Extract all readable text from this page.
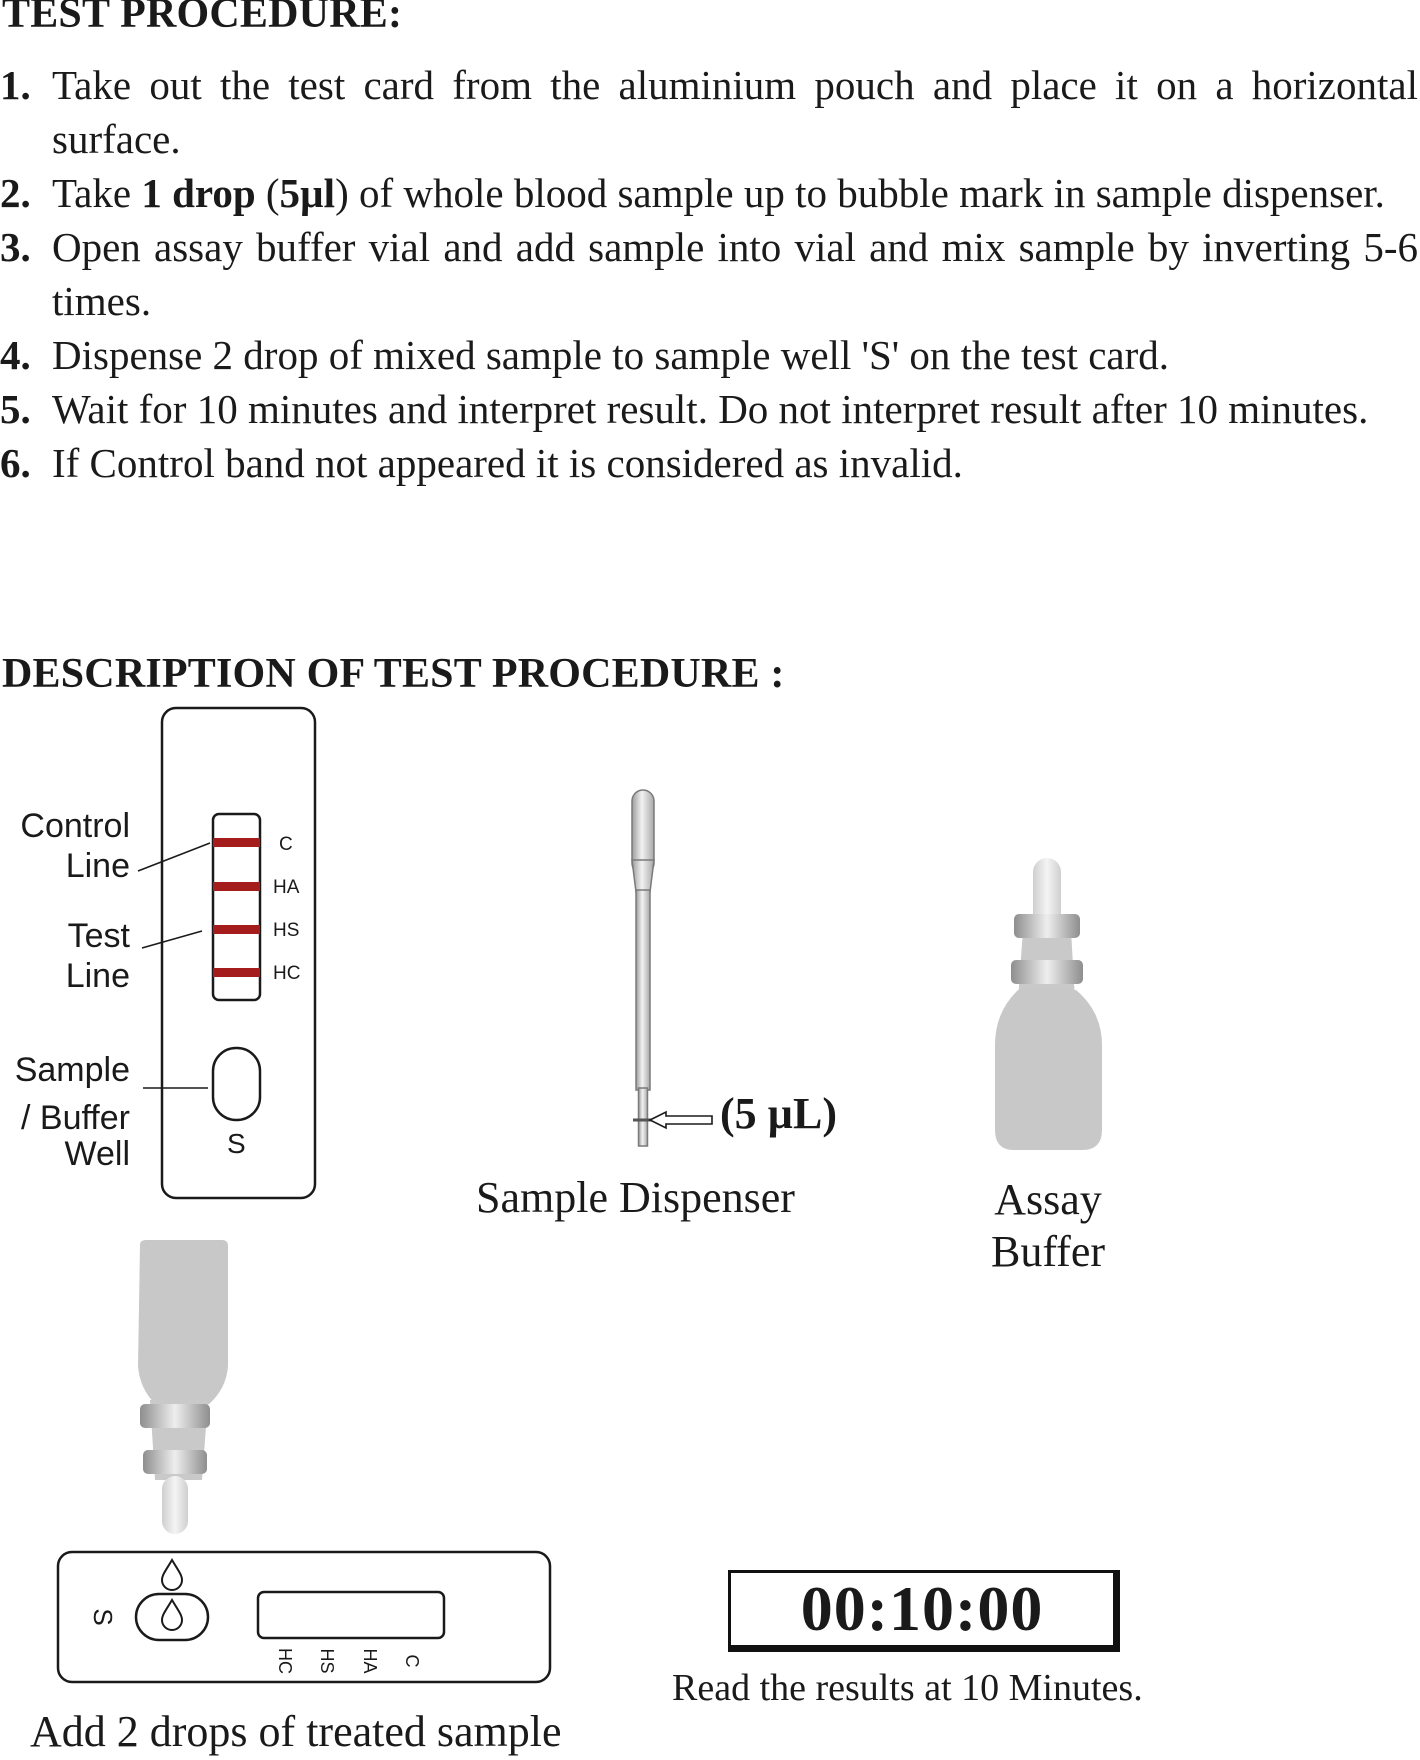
TEST PROCEDURE:
1. Take out the test card from the aluminium pouch and place it on a horizontal surface.
2. Take 1 drop (5µl) of whole blood sample up to bubble mark in sample dispenser.
3. Open assay buffer vial and add sample into vial and mix sample by inverting 5-6 times.
4. Dispense 2 drop of mixed sample to sample well 'S' on the test card.
5. Wait for 10 minutes and interpret result. Do not interpret result after 10 minutes.
6. If Control band not appeared it is considered as invalid.
DESCRIPTION OF TEST PROCEDURE :
S
HC HS HA C
Control
Line
Test
Line
Sample
/ Buffer
Well
C
HA
HS
HC
S
(5 µL)
Sample Dispenser	Assay
Buffer
Add 2 drops of treated sample
00:10:00
Read the results at 10 Minutes.
